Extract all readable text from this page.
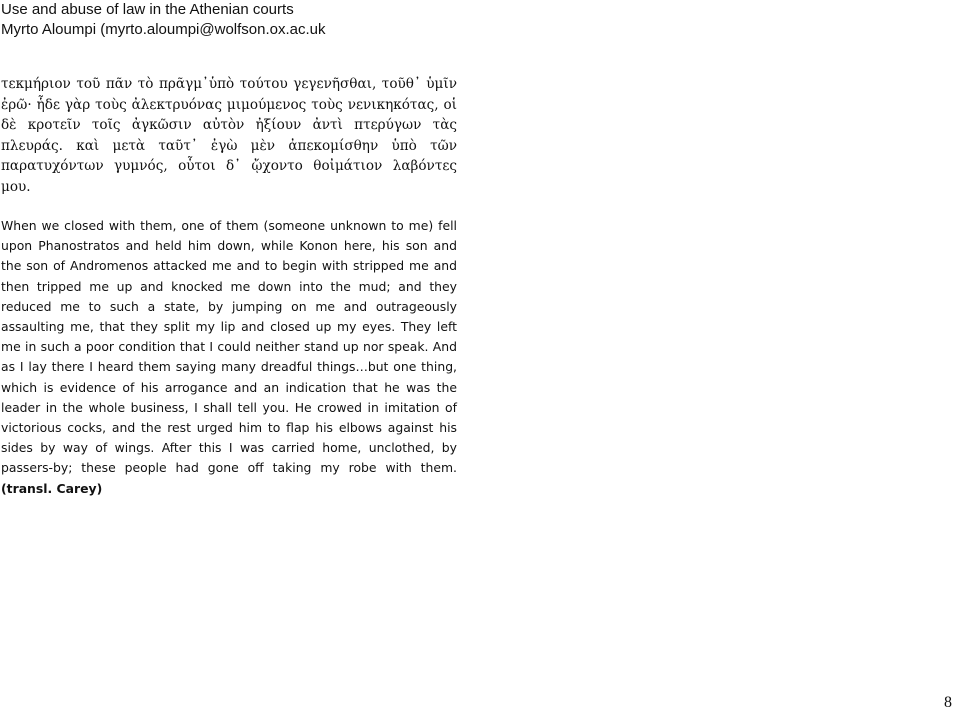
Use and abuse of law in the Athenian courts
Myrto Aloumpi (myrto.aloumpi@wolfson.ox.ac.uk
τεκμήριον τοῦ πᾶν τὸ πρᾶγμ᾽ὑπὸ τούτου γεγενῆσθαι, τοῦθ᾽ ὑμῖν
ἐρῶ· ἧδε γὰρ τοὺς ἀλεκτρυόνας μιμούμενος τοὺς νενικηκότας, οἱ
δὲ κροτεῖν τοῖς ἀγκῶσιν αὐτὸν ἠξίουν ἀντὶ πτερύγων τὰς
πλευράς. καὶ μετὰ ταῦτ᾽ ἐγὼ μὲν ἀπεκομίσθην ὑπὸ τῶν
παρατυχόντων γυμνός, οὗτοι δ᾽ ᾤχοντο θοἰμάτιον λαβόντες
μου.
When we closed with them, one of them (someone unknown to me) fell upon Phanostratos and held him down, while Konon here, his son and the son of Andromenos attacked me and to begin with stripped me and then tripped me up and knocked me down into the mud; and they reduced me to such a state, by jumping on me and outrageously assaulting me, that they split my lip and closed up my eyes. They left me in such a poor condition that I could neither stand up nor speak. And as I lay there I heard them saying many dreadful things…but one thing, which is evidence of his arrogance and an indication that he was the leader in the whole business, I shall tell you. He crowed in imitation of victorious cocks, and the rest urged him to flap his elbows against his sides by way of wings. After this I was carried home, unclothed, by passers-by; these people had gone off taking my robe with them. (transl. Carey)
8
